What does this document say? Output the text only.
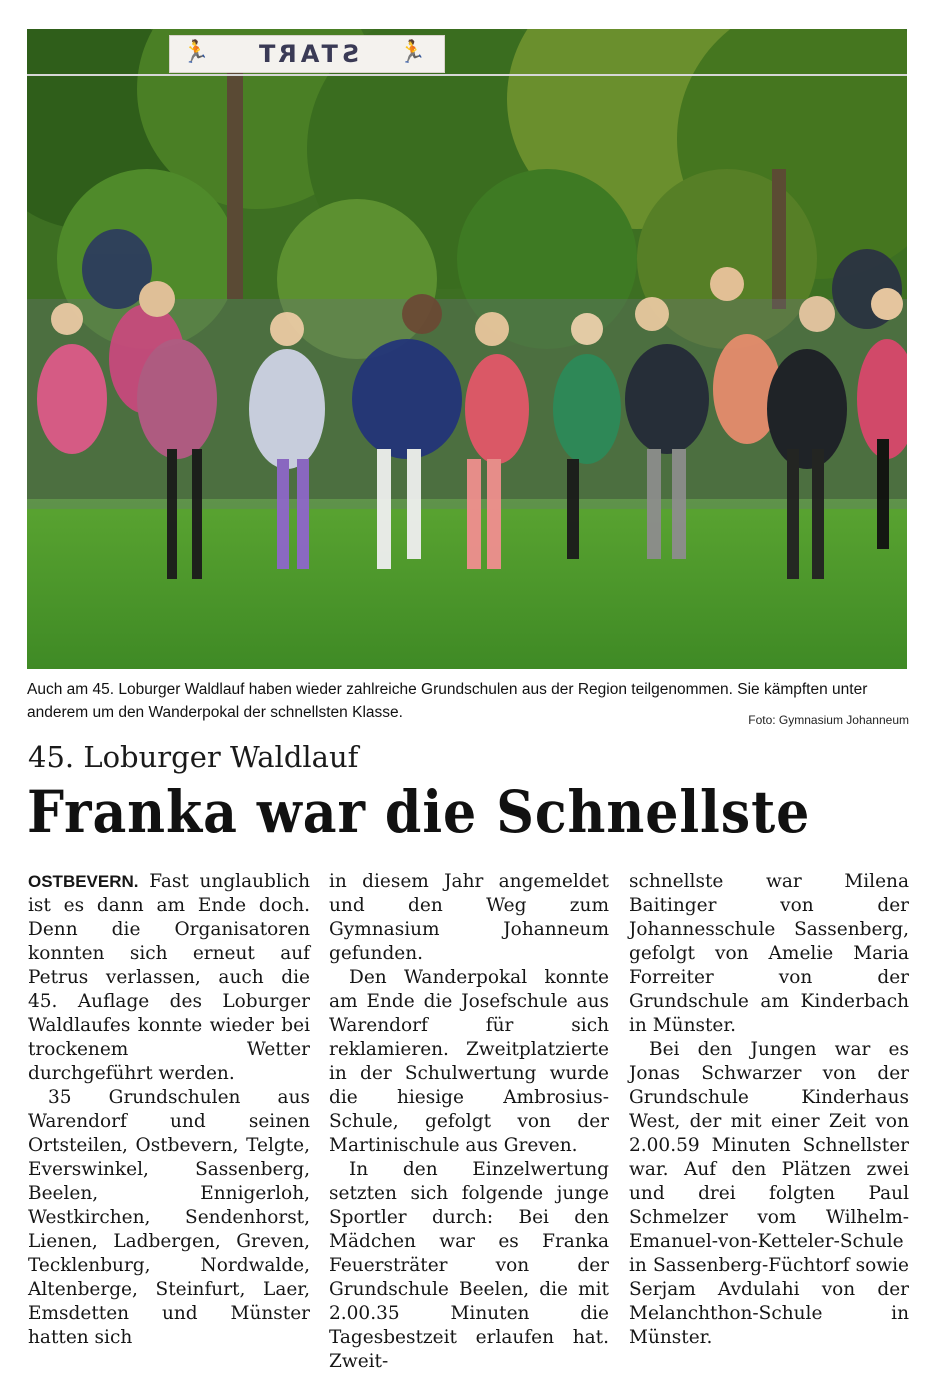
🏃 START 🏃
Auch am 45. Loburger Waldlauf haben wieder zahlreiche Grundschulen aus der Region teilgenommen. Sie kämpften unter anderem um den Wanderpokal der schnellsten Klasse.	Foto: Gymnasium Johanneum
45. Loburger Waldlauf
Franka war die Schnellste

OSTBEVERN. Fast unglaublich ist es dann am Ende doch. Denn die Organisatoren konnten sich erneut auf Petrus verlassen, auch die 45. Auflage des Loburger Waldlaufes konnte wieder bei trockenem Wetter durchgeführt werden.

35 Grundschulen aus Warendorf und seinen Ortsteilen, Ostbevern, Telgte, Everswinkel, Sassenberg, Beelen, Ennigerloh, Westkirchen, Sendenhorst, Lienen, Ladbergen, Greven, Tecklenburg, Nordwalde, Altenberge, Steinfurt, Laer, Emsdetten und Münster hatten sich

in diesem Jahr angemeldet und den Weg zum Gymnasium Johanneum gefunden.

Den Wanderpokal konnte am Ende die Josefschule aus Warendorf für sich reklamieren. Zweitplatzierte in der Schulwertung wurde die hiesige Ambrosius-Schule, gefolgt von der Martinischule aus Greven.

In den Einzelwertung setzten sich folgende junge Sportler durch: Bei den Mädchen war es Franka Feuersträter von der Grundschule Beelen, die mit 2.00.35 Minuten die Tagesbestzeit erlaufen hat. Zweit-

schnellste war Milena Baitinger von der Johannesschule Sassenberg, gefolgt von Amelie Maria Forreiter von der Grundschule am Kinderbach in Münster.

Bei den Jungen war es Jonas Schwarzer von der Grundschule Kinderhaus West, der mit einer Zeit von 2.00.59 Minuten Schnellster war. Auf den Plätzen zwei und drei folgten Paul Schmelzer vom Wilhelm-Emanuel-von-Ketteler-Schule in Sassenberg-Füchtorf sowie Serjam Avdulahi von der Melanchthon-Schule in Münster.
